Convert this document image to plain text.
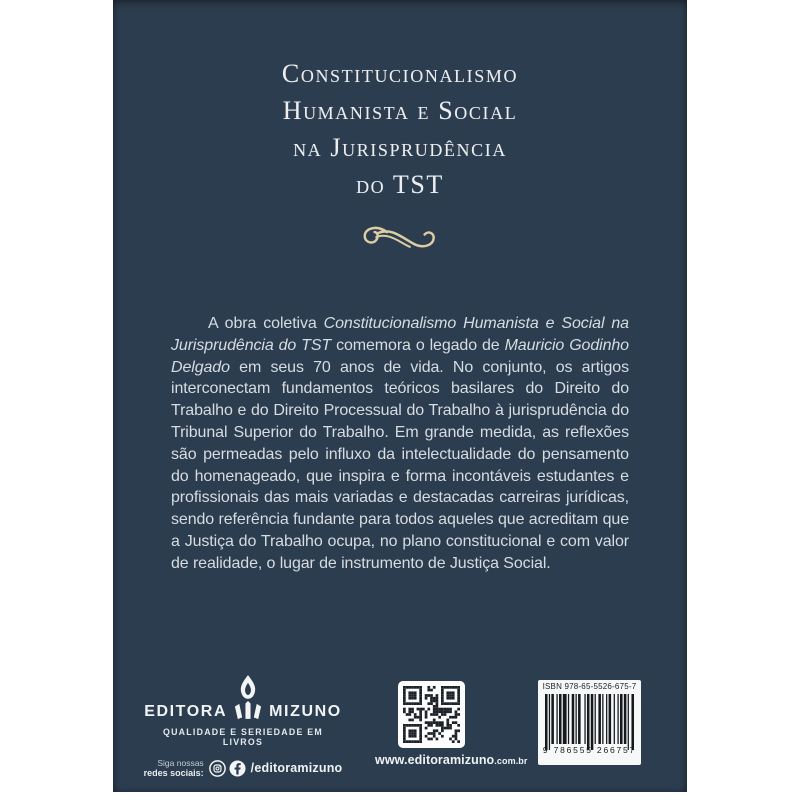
Constitucionalismo
Humanista e Social
na Jurisprudência
do TST

A obra coletiva Constitucionalismo Humanista e Social na Jurisprudência do TST comemora o legado de Mauricio Godinho Delgado em seus 70 anos de vida. No conjunto, os artigos interconectam fundamentos teóricos basilares do Direito do Trabalho e do Direito Processual do Trabalho à jurisprudência do Tribunal Superior do Trabalho. Em grande medida, as reflexões são permeadas pelo influxo da intelectualidade do pensamento do homenageado, que inspira e forma incontáveis estudantes e profissionais das mais variadas e destacadas carreiras jurídicas, sendo referência fundante para todos aqueles que acreditam que a Justiça do Trabalho ocupa, no plano constitucional e com valor de realidade, o lugar de instrumento de Justiça Social.

EDITORA	MIZUNO
QUALIDADE E SERIEDADE EM LIVROS
Siga nossas
redes sociais:	/editoramizuno
www.editoramizuno.com.br
ISBN 978-65-5526-675-7
9 786555 266757
